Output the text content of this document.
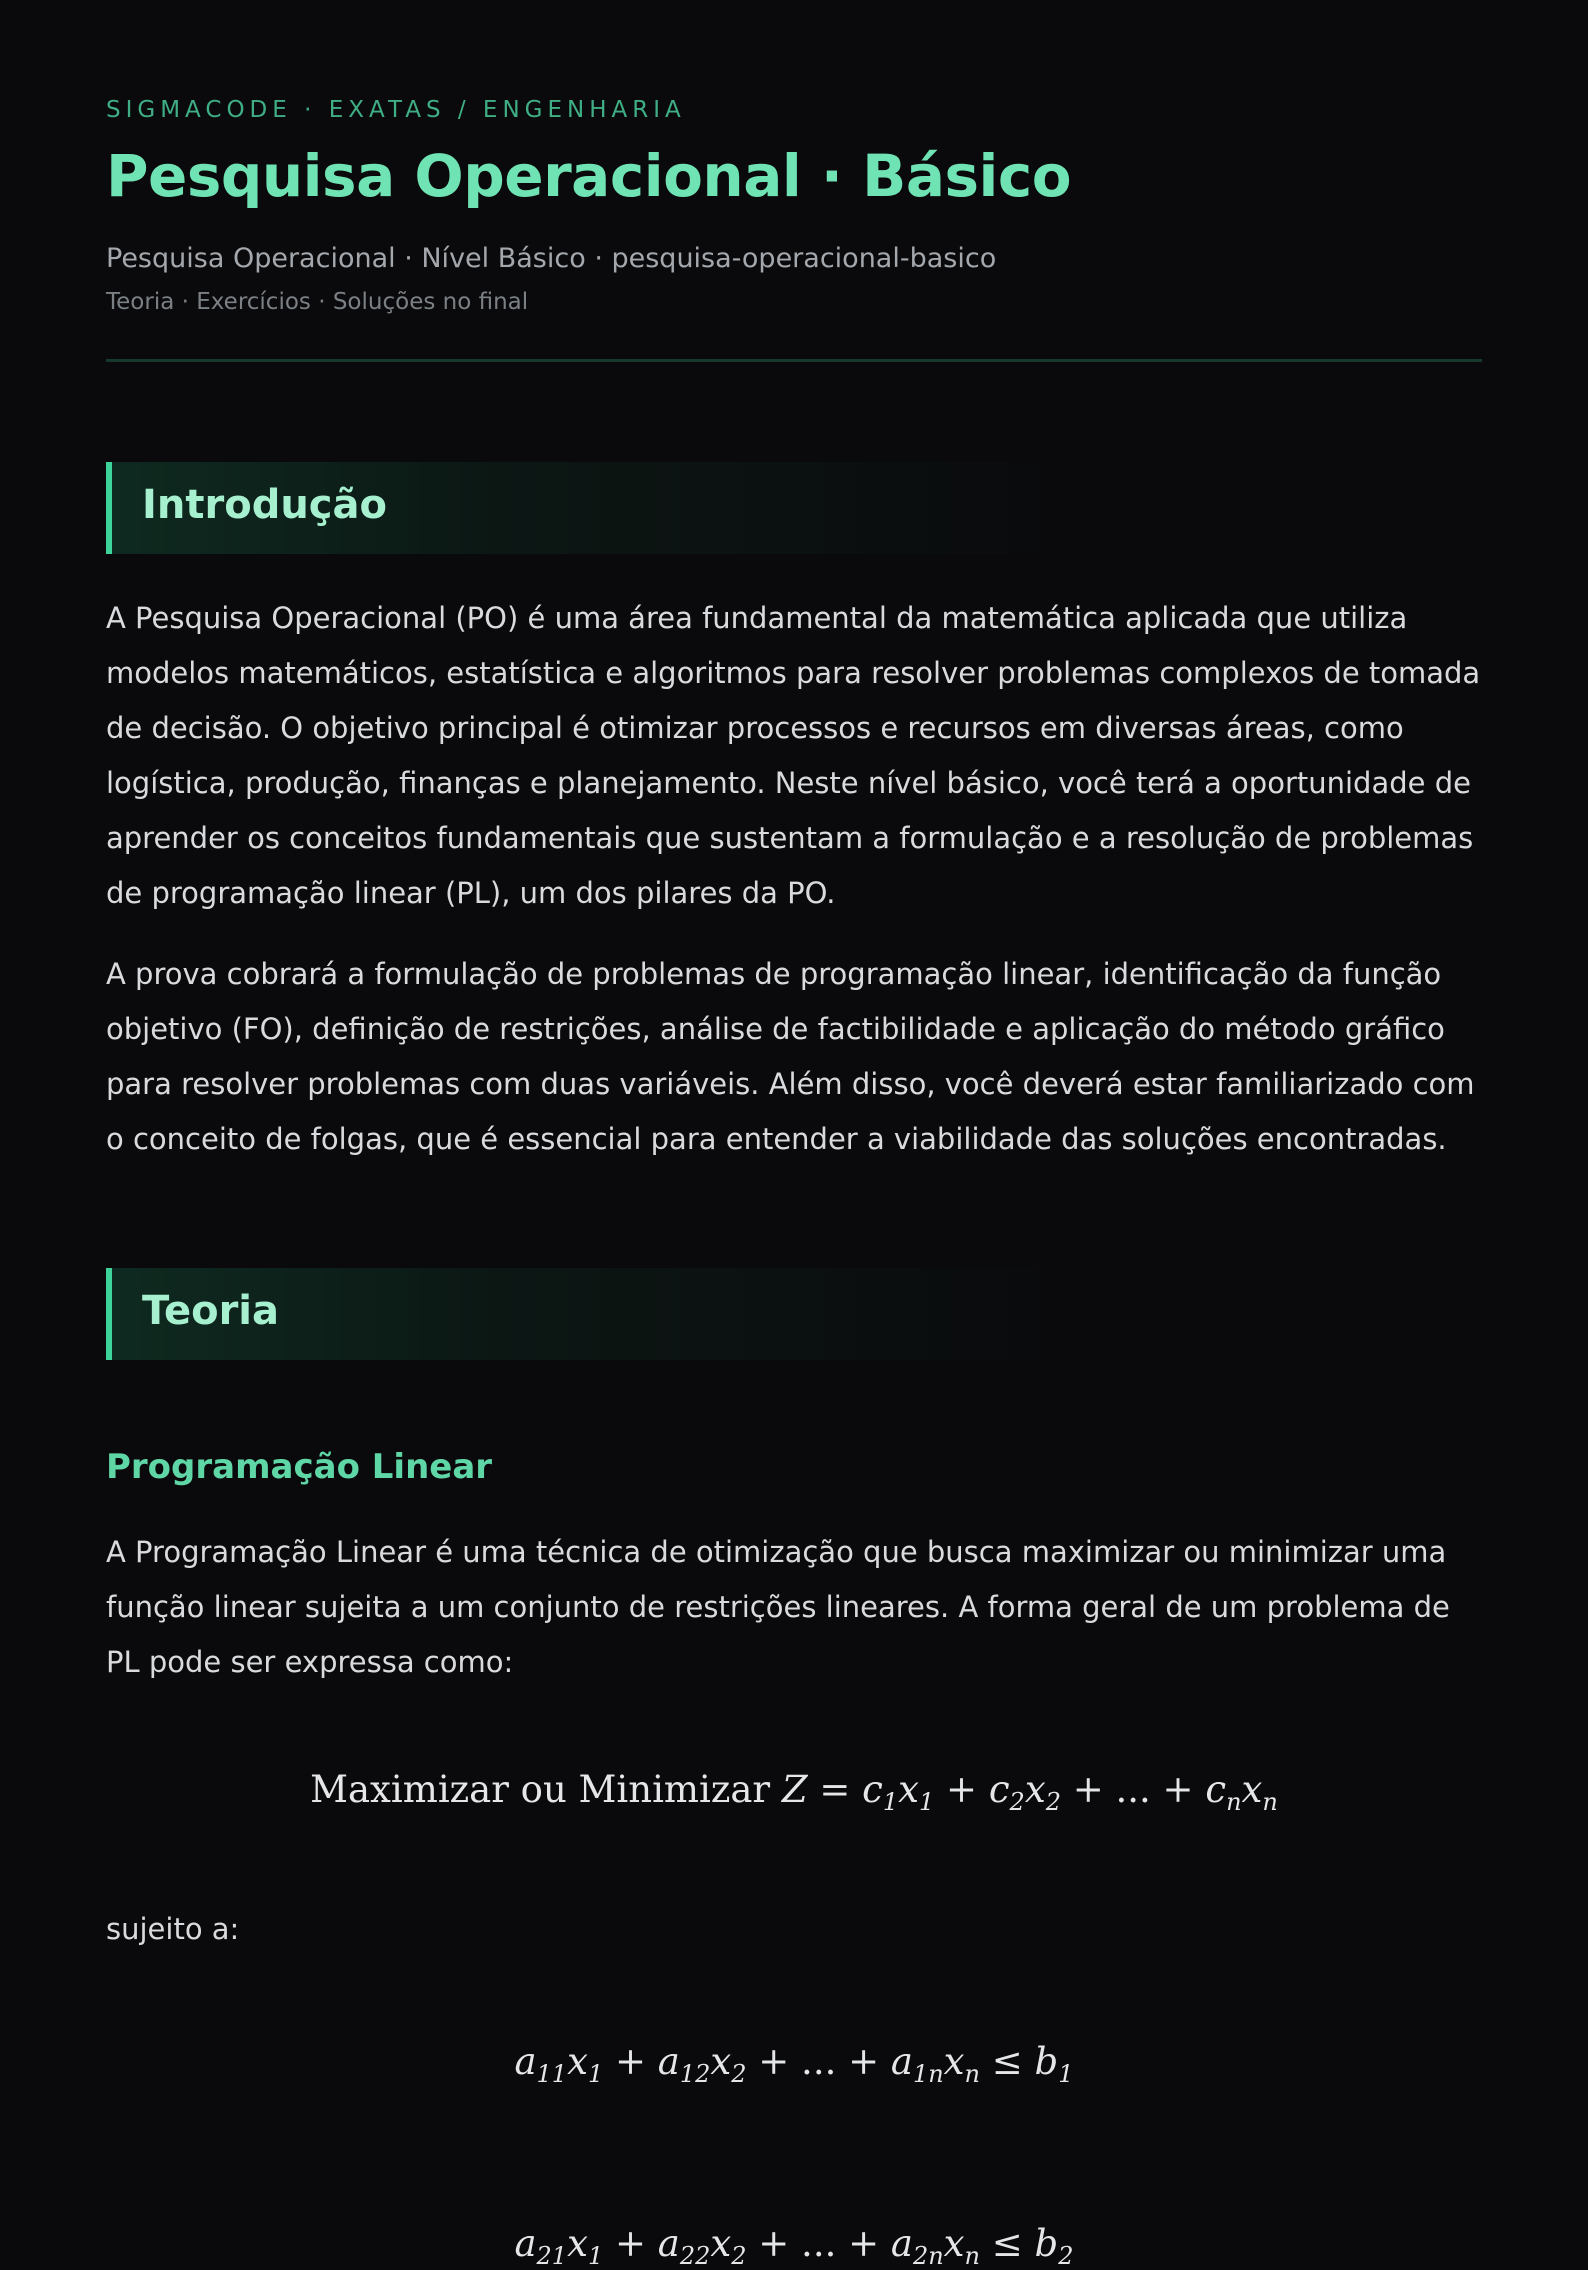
SIGMACODE · EXATAS / ENGENHARIA
Pesquisa Operacional · Básico
Pesquisa Operacional · Nível Básico · pesquisa-operacional-basico
Teoria · Exercícios · Soluções no final
Introdução

A Pesquisa Operacional (PO) é uma área fundamental da matemática aplicada que utiliza modelos matemáticos, estatística e algoritmos para resolver problemas complexos de tomada de decisão. O objetivo principal é otimizar processos e recursos em diversas áreas, como logística, produção, finanças e planejamento. Neste nível básico, você terá a oportunidade de aprender os conceitos fundamentais que sustentam a formulação e a resolução de problemas de programação linear (PL), um dos pilares da PO.

A prova cobrará a formulação de problemas de programação linear, identificação da função objetivo (FO), definição de restrições, análise de factibilidade e aplicação do método gráfico para resolver problemas com duas variáveis. Além disso, você deverá estar familiarizado com o conceito de folgas, que é essencial para entender a viabilidade das soluções encontradas.

Teoria
Programação Linear

A Programação Linear é uma técnica de otimização que busca maximizar ou minimizar uma função linear sujeita a um conjunto de restrições lineares. A forma geral de um problema de PL pode ser expressa como:

Maximizar ou Minimizar $Z = c_1x_1 + c_2x_2$ + ... + $c_nx_n$
sujeito a:
$a_{11}x_1 + a_{12}x_2$ + ... + $a_{1n}x_n \le b_1$
$a_{21}x_1 + a_{22}x_2$ + ... + $a_{2n}x_n \le b_2$
